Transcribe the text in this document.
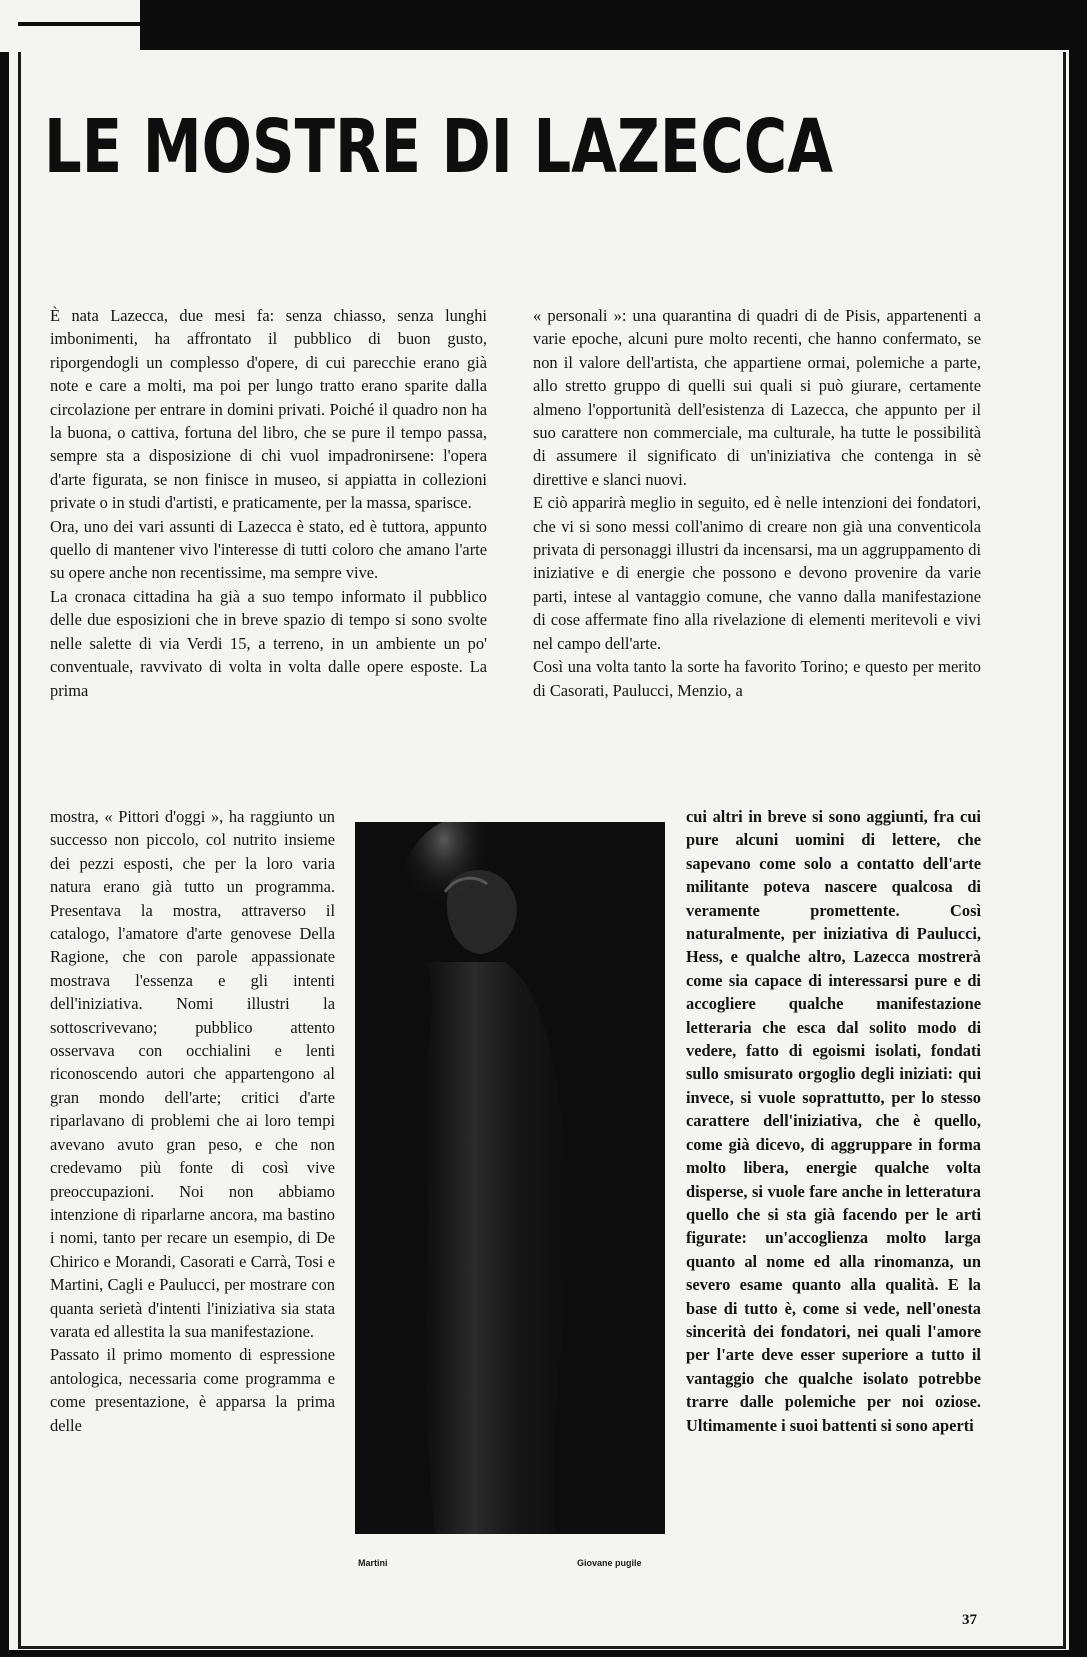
LE MOSTRE DI LAZECCA

È nata Lazecca, due mesi fa: senza chiasso, senza lunghi imbonimenti, ha affrontato il pubblico di buon gusto, riporgendogli un complesso d'opere, di cui parecchie erano già note e care a molti, ma poi per lungo tratto erano sparite dalla circolazione per entrare in domini privati. Poiché il quadro non ha la buona, o cattiva, fortuna del libro, che se pure il tempo passa, sempre sta a disposizione di chi vuol impadronirsene: l'opera d'arte figurata, se non finisce in museo, si appiatta in collezioni private o in studi d'artisti, e praticamente, per la massa, sparisce.

Ora, uno dei vari assunti di Lazecca è stato, ed è tuttora, appunto quello di mantener vivo l'interesse di tutti coloro che amano l'arte su opere anche non recentissime, ma sempre vive.

La cronaca cittadina ha già a suo tempo informato il pubblico delle due esposizioni che in breve spazio di tempo si sono svolte nelle salette di via Verdi 15, a terreno, in un ambiente un po' conventuale, ravvivato di volta in volta dalle opere esposte. La prima

mostra, « Pittori d'oggi », ha raggiunto un successo non piccolo, col nutrito insieme dei pezzi esposti, che per la loro varia natura erano già tutto un programma. Presentava la mostra, attraverso il catalogo, l'amatore d'arte genovese Della Ragione, che con parole appassionate mostrava l'essenza e gli intenti dell'iniziativa. Nomi illustri la sottoscrivevano; pubblico attento osservava con occhialini e lenti riconoscendo autori che appartengono al gran mondo dell'arte; critici d'arte riparlavano di problemi che ai loro tempi avevano avuto gran peso, e che non credevamo più fonte di così vive preoccupazioni. Noi non abbiamo intenzione di riparlarne ancora, ma bastino i nomi, tanto per recare un esempio, di De Chirico e Morandi, Casorati e Carrà, Tosi e Martini, Cagli e Paulucci, per mostrare con quanta serietà d'intenti l'iniziativa sia stata varata ed allestita la sua manifestazione.

Passato il primo momento di espressione antologica, necessaria come programma e come presentazione, è apparsa la prima delle

« personali »: una quarantina di quadri di de Pisis, appartenenti a varie epoche, alcuni pure molto recenti, che hanno confermato, se non il valore dell'artista, che appartiene ormai, polemiche a parte, allo stretto gruppo di quelli sui quali si può giurare, certamente almeno l'opportunità dell'esistenza di Lazecca, che appunto per il suo carattere non commerciale, ma culturale, ha tutte le possibilità di assumere il significato di un'iniziativa che contenga in sè direttive e slanci nuovi.

E ciò apparirà meglio in seguito, ed è nelle intenzioni dei fondatori, che vi si sono messi coll'animo di creare non già una conventicola privata di personaggi illustri da incensarsi, ma un aggruppamento di iniziative e di energie che possono e devono provenire da varie parti, intese al vantaggio comune, che vanno dalla manifestazione di cose affermate fino alla rivelazione di elementi meritevoli e vivi nel campo dell'arte.

Così una volta tanto la sorte ha favorito Torino; e questo per merito di Casorati, Paulucci, Menzio, a

cui altri in breve si sono aggiunti, fra cui pure alcuni uomini di lettere, che sapevano come solo a contatto dell'arte militante poteva nascere qualcosa di veramente promettente. Così naturalmente, per iniziativa di Paulucci, Hess, e qualche altro, Lazecca mostrerà come sia capace di interessarsi pure e di accogliere qualche manifestazione letteraria che esca dal solito modo di vedere, fatto di egoismi isolati, fondati sullo smisurato orgoglio degli iniziati: qui invece, si vuole soprattutto, per lo stesso carattere dell'iniziativa, che è quello, come già dicevo, di aggruppare in forma molto libera, energie qualche volta disperse, si vuole fare anche in letteratura quello che si sta già facendo per le arti figurate: un'accoglienza molto larga quanto al nome ed alla rinomanza, un severo esame quanto alla qualità. E la base di tutto è, come si vede, nell'onesta sincerità dei fondatori, nei quali l'amore per l'arte deve esser superiore a tutto il vantaggio che qualche isolato potrebbe trarre dalle polemiche per noi oziose. Ultimamente i suoi battenti si sono aperti

Martini	Giovane pugile
37
